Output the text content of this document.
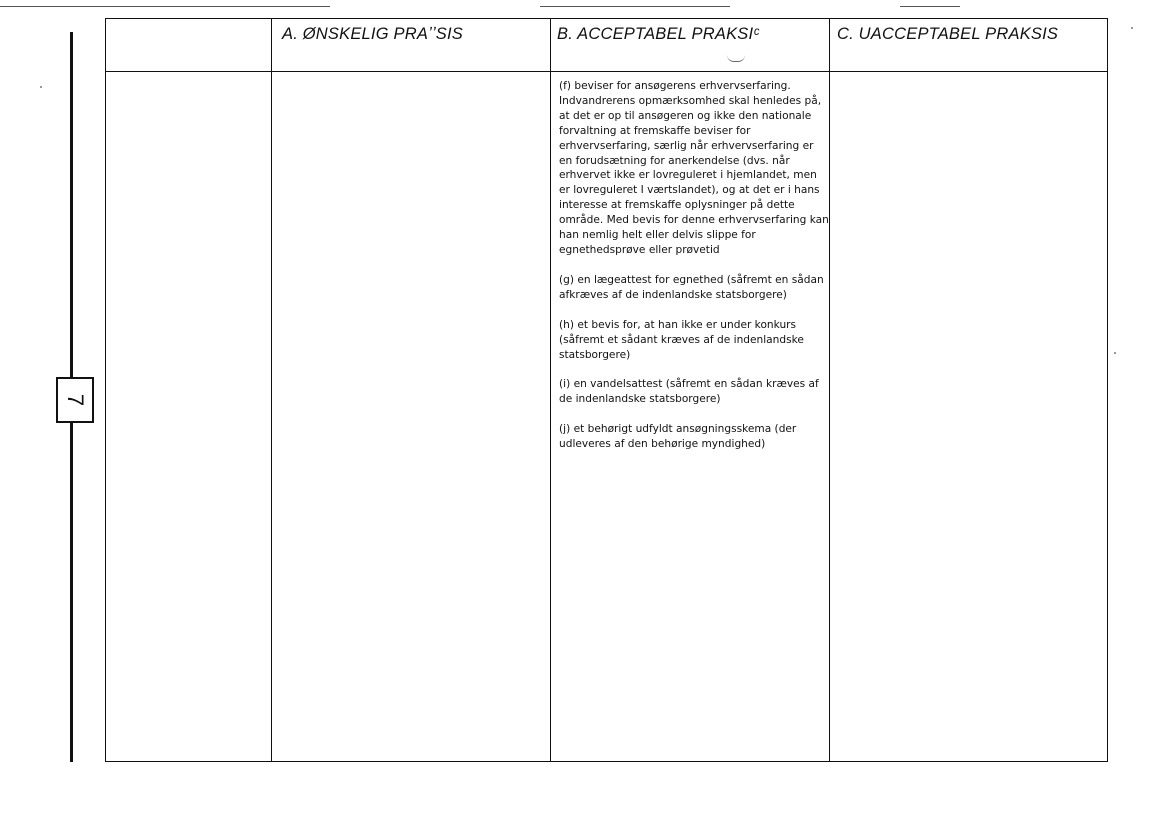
7
A. ØNSKELIG PRAʼʼSIS	B. ACCEPTABEL PRAKSIᶜ	C. UACCEPTABEL PRAKSIS

(f) beviser for ansøgerens erhvervserfaring. Indvandrerens opmærksomhed skal henledes på, at det er op til ansøgeren og ikke den nationale forvaltning at fremskaffe beviser for erhvervserfaring, særlig når erhvervserfaring er en forudsætning for anerkendelse (dvs. når erhvervet ikke er lovreguleret i hjemlandet, men er lovreguleret I værtslandet), og at det er i hans interesse at fremskaffe oplysninger på dette område. Med bevis for denne erhvervserfaring kan han nemlig helt eller delvis slippe for egnethedsprøve eller prøvetid

(g) en lægeattest for egnethed (såfremt en sådan afkræves af de indenlandske statsborgere)

(h) et bevis for, at han ikke er under konkurs (såfremt et sådant kræves af de indenlandske statsborgere)

(i) en vandelsattest (såfremt en sådan kræves af de indenlandske statsborgere)

(j) et behørigt udfyldt ansøgningsskema (der udleveres af den behørige myndighed)
